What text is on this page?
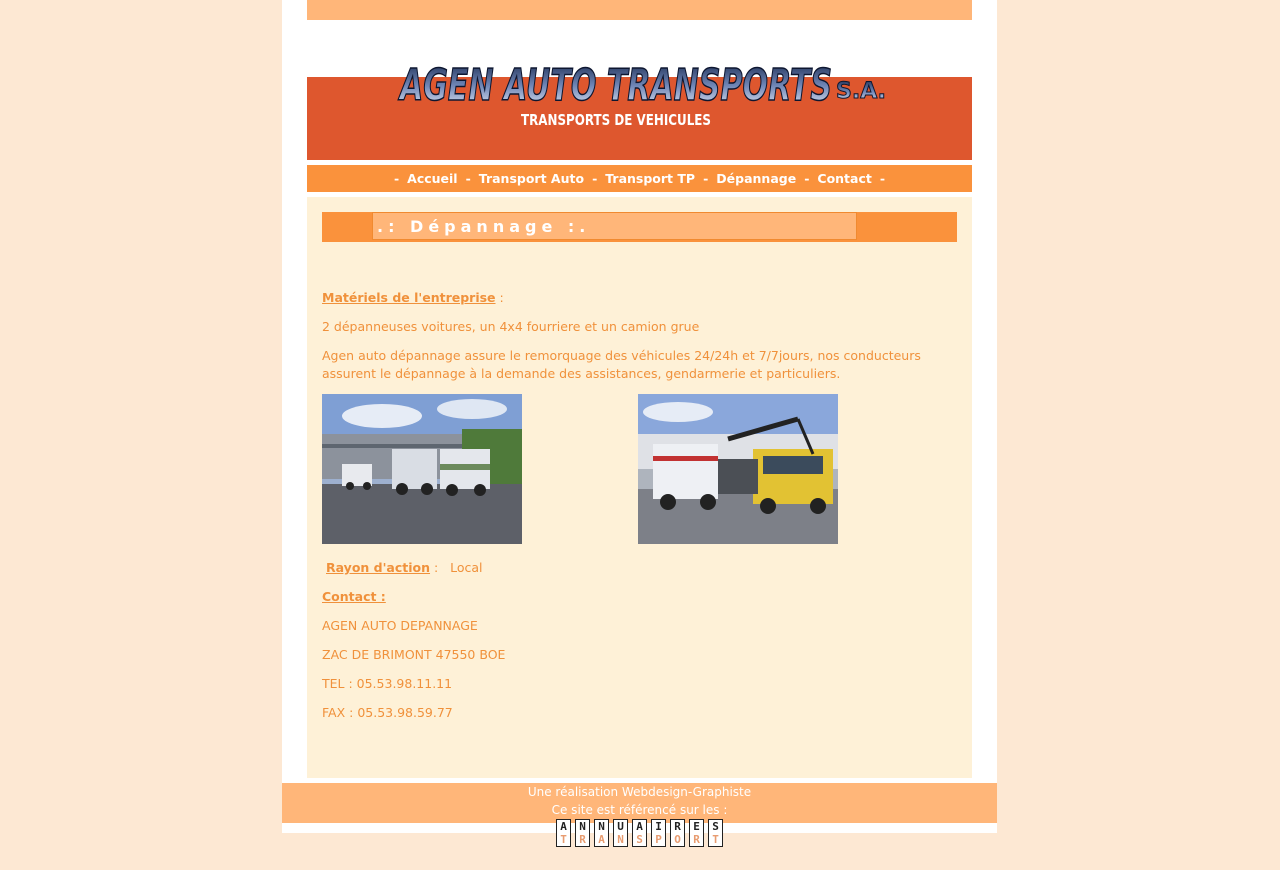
- Accueil - Transport Auto - Transport TP - Dépannage - Contact -
.: Dépannage :.
Matériels de l'entreprise :
2 dépanneuses voitures, un 4x4 fourriere et un camion grue
Agen auto dépannage assure le remorquage des véhicules 24/24h et 7/7jours, nos conducteurs assurent le dépannage à la demande des assistances, gendarmerie et particuliers.
Rayon d'action :   Local
Contact :
AGEN AUTO DEPANNAGE
ZAC DE BRIMONT 47550 BOE
TEL : 05.53.98.11.11
FAX : 05.53.98.59.77
Une réalisation Webdesign-Graphiste
Ce site est référencé sur les :
AGEN AUTO TRANSPORTS S.A.
TRANSPORTS DE VEHICULES
A
T
N
R
N
A
U
N
A
S
I
P
R
O
E
R
S
T
